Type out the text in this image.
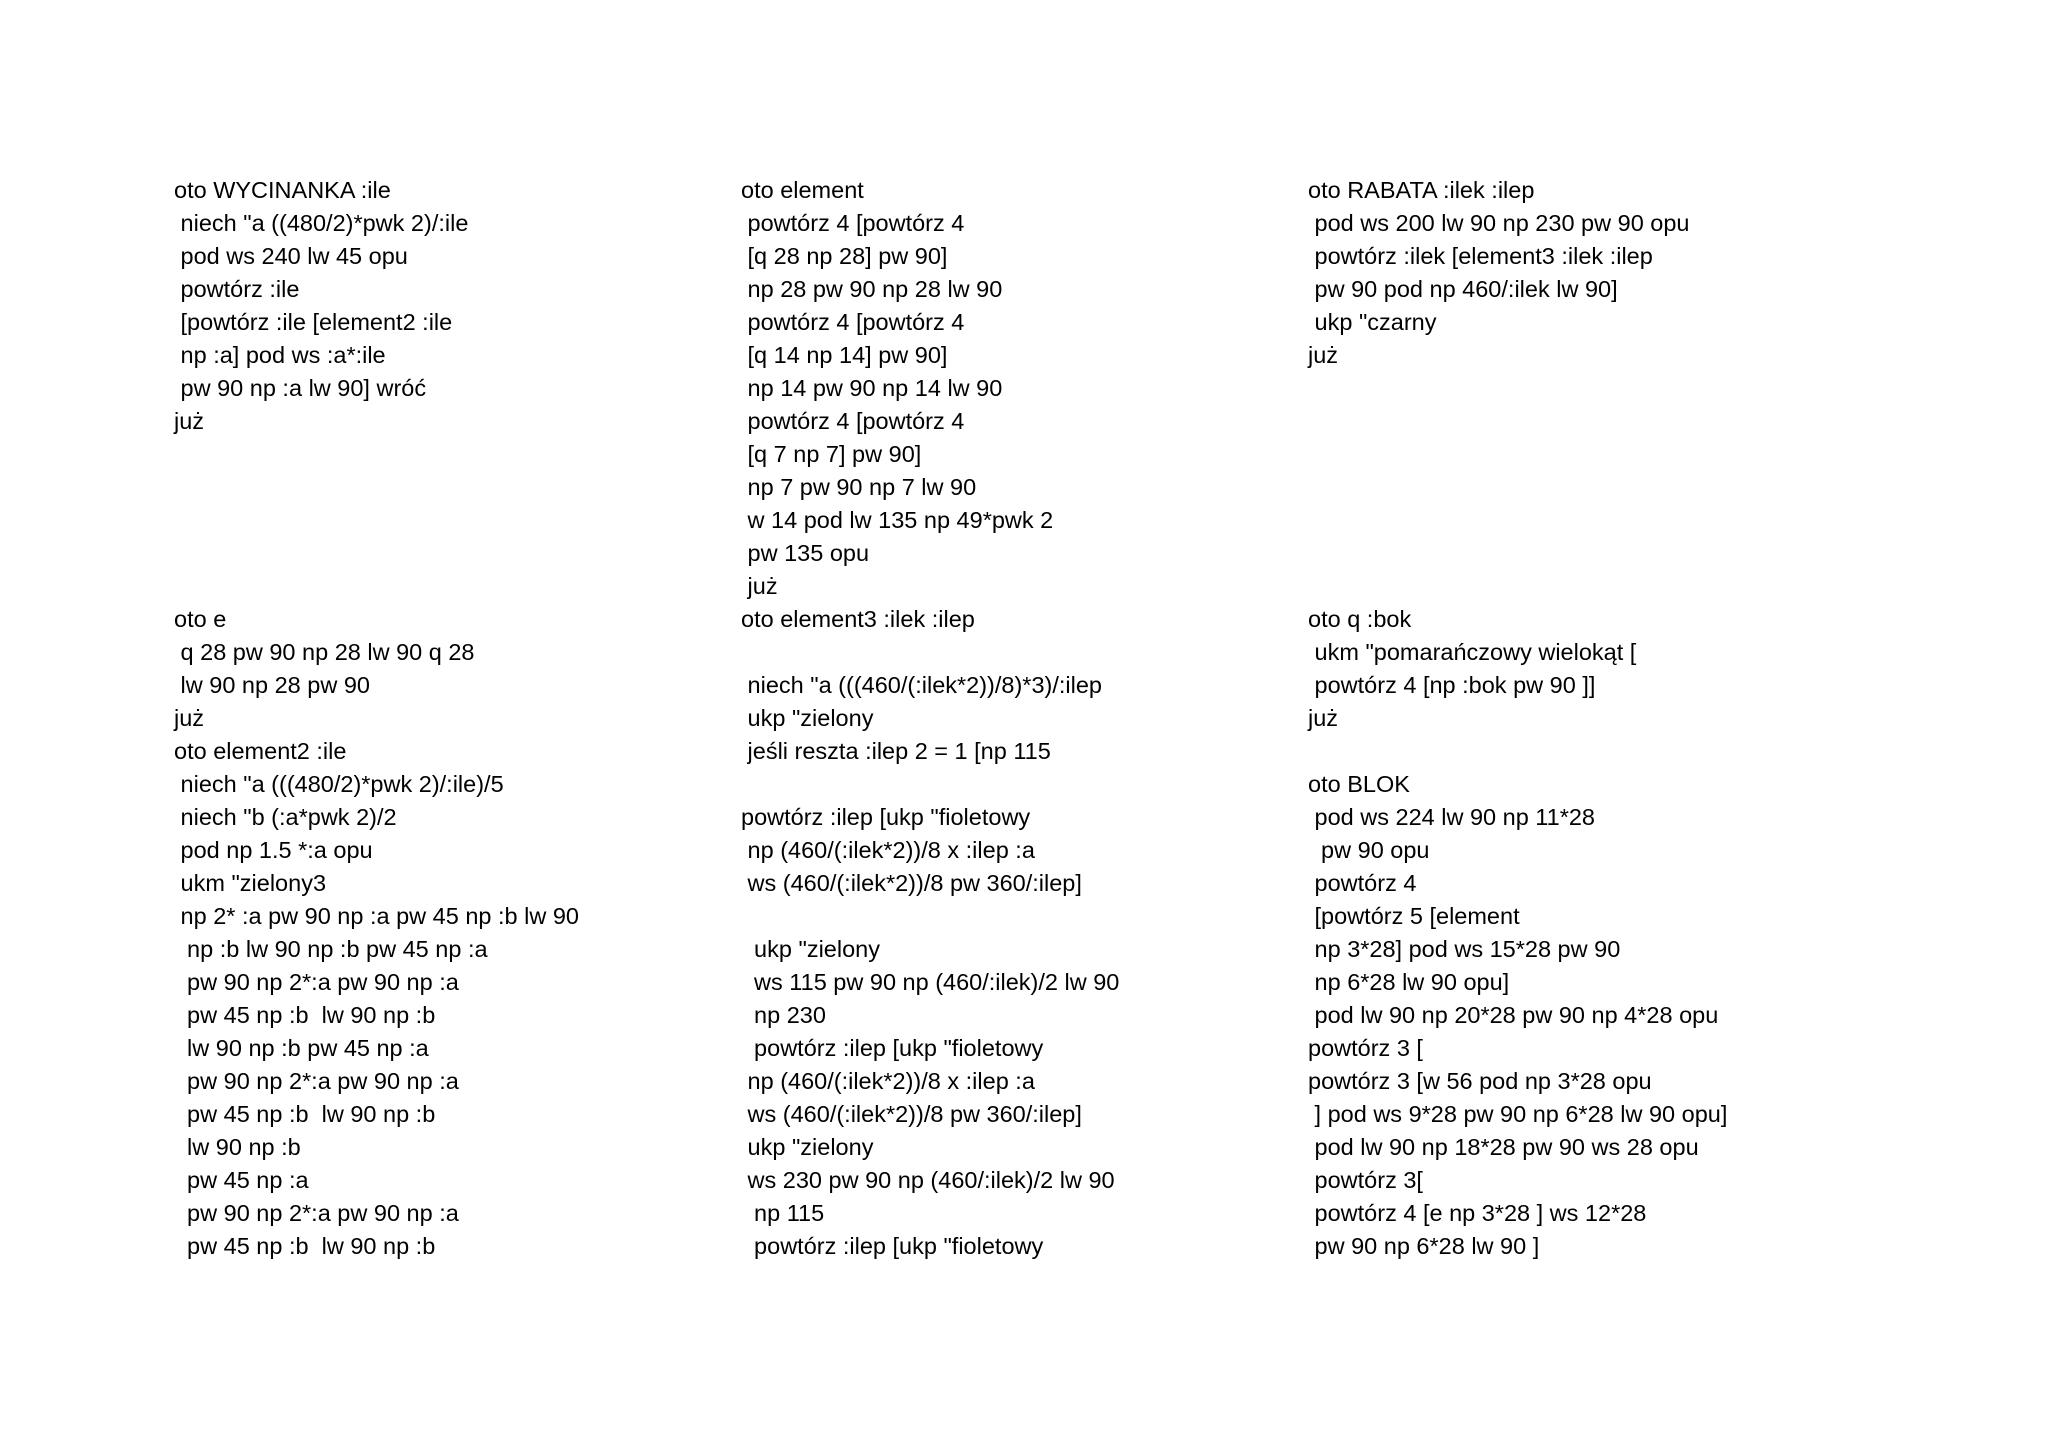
oto WYCINANKA :ile
niech "a ((480/2)*pwk 2)/:ile
pod ws 240 lw 45 opu
powtórz :ile
[powtórz :ile [element2 :ile
np :a] pod ws :a*:ile
pw 90 np :a lw 90] wróć
już
oto element
powtórz 4 [powtórz 4
[q 28 np 28] pw 90]
np 28 pw 90 np 28 lw 90
powtórz 4 [powtórz 4
[q 14 np 14] pw 90]
np 14 pw 90 np 14 lw 90
powtórz 4 [powtórz 4
[q 7 np 7] pw 90]
np 7 pw 90 np 7 lw 90
w 14 pod lw 135 np 49*pwk 2
pw 135 opu
już
oto RABATA :ilek :ilep
pod ws 200 lw 90 np 230 pw 90 opu
powtórz :ilek [element3 :ilek :ilep
pw 90 pod np 460/:ilek lw 90]
ukp "czarny
już
oto e
q 28 pw 90 np 28 lw 90 q 28
lw 90 np 28 pw 90
już
oto element2 :ile
niech "a (((480/2)*pwk 2)/:ile)/5
niech "b (:a*pwk 2)/2
pod np 1.5 *:a opu
ukm "zielony3
np 2* :a pw 90 np :a pw 45 np :b lw 90
np :b lw 90 np :b pw 45 np :a
pw 90 np 2*:a pw 90 np :a
pw 45 np :b  lw 90 np :b
lw 90 np :b pw 45 np :a
pw 90 np 2*:a pw 90 np :a
pw 45 np :b  lw 90 np :b
lw 90 np :b
pw 45 np :a
pw 90 np 2*:a pw 90 np :a
pw 45 np :b  lw 90 np :b
oto element3 :ilek :ilep

niech "a (((460/(:ilek*2))/8)*3)/:ilep
ukp "zielony
jeśli reszta :ilep 2 = 1 [np 115

powtórz :ilep [ukp "fioletowy
np (460/(:ilek*2))/8 x :ilep :a
ws (460/(:ilek*2))/8 pw 360/:ilep]

ukp "zielony
ws 115 pw 90 np (460/:ilek)/2 lw 90
np 230
powtórz :ilep [ukp "fioletowy
np (460/(:ilek*2))/8 x :ilep :a
ws (460/(:ilek*2))/8 pw 360/:ilep]
ukp "zielony
ws 230 pw 90 np (460/:ilek)/2 lw 90
np 115
powtórz :ilep [ukp "fioletowy
oto q :bok
ukm "pomarańczowy wielokąt [
powtórz 4 [np :bok pw 90 ]]
już

oto BLOK
pod ws 224 lw 90 np 11*28
pw 90 opu
powtórz 4
[powtórz 5 [element
np 3*28] pod ws 15*28 pw 90
np 6*28 lw 90 opu]
pod lw 90 np 20*28 pw 90 np 4*28 opu
powtórz 3 [
powtórz 3 [w 56 pod np 3*28 opu
] pod ws 9*28 pw 90 np 6*28 lw 90 opu]
pod lw 90 np 18*28 pw 90 ws 28 opu
powtórz 3[
powtórz 4 [e np 3*28 ] ws 12*28
pw 90 np 6*28 lw 90 ]
